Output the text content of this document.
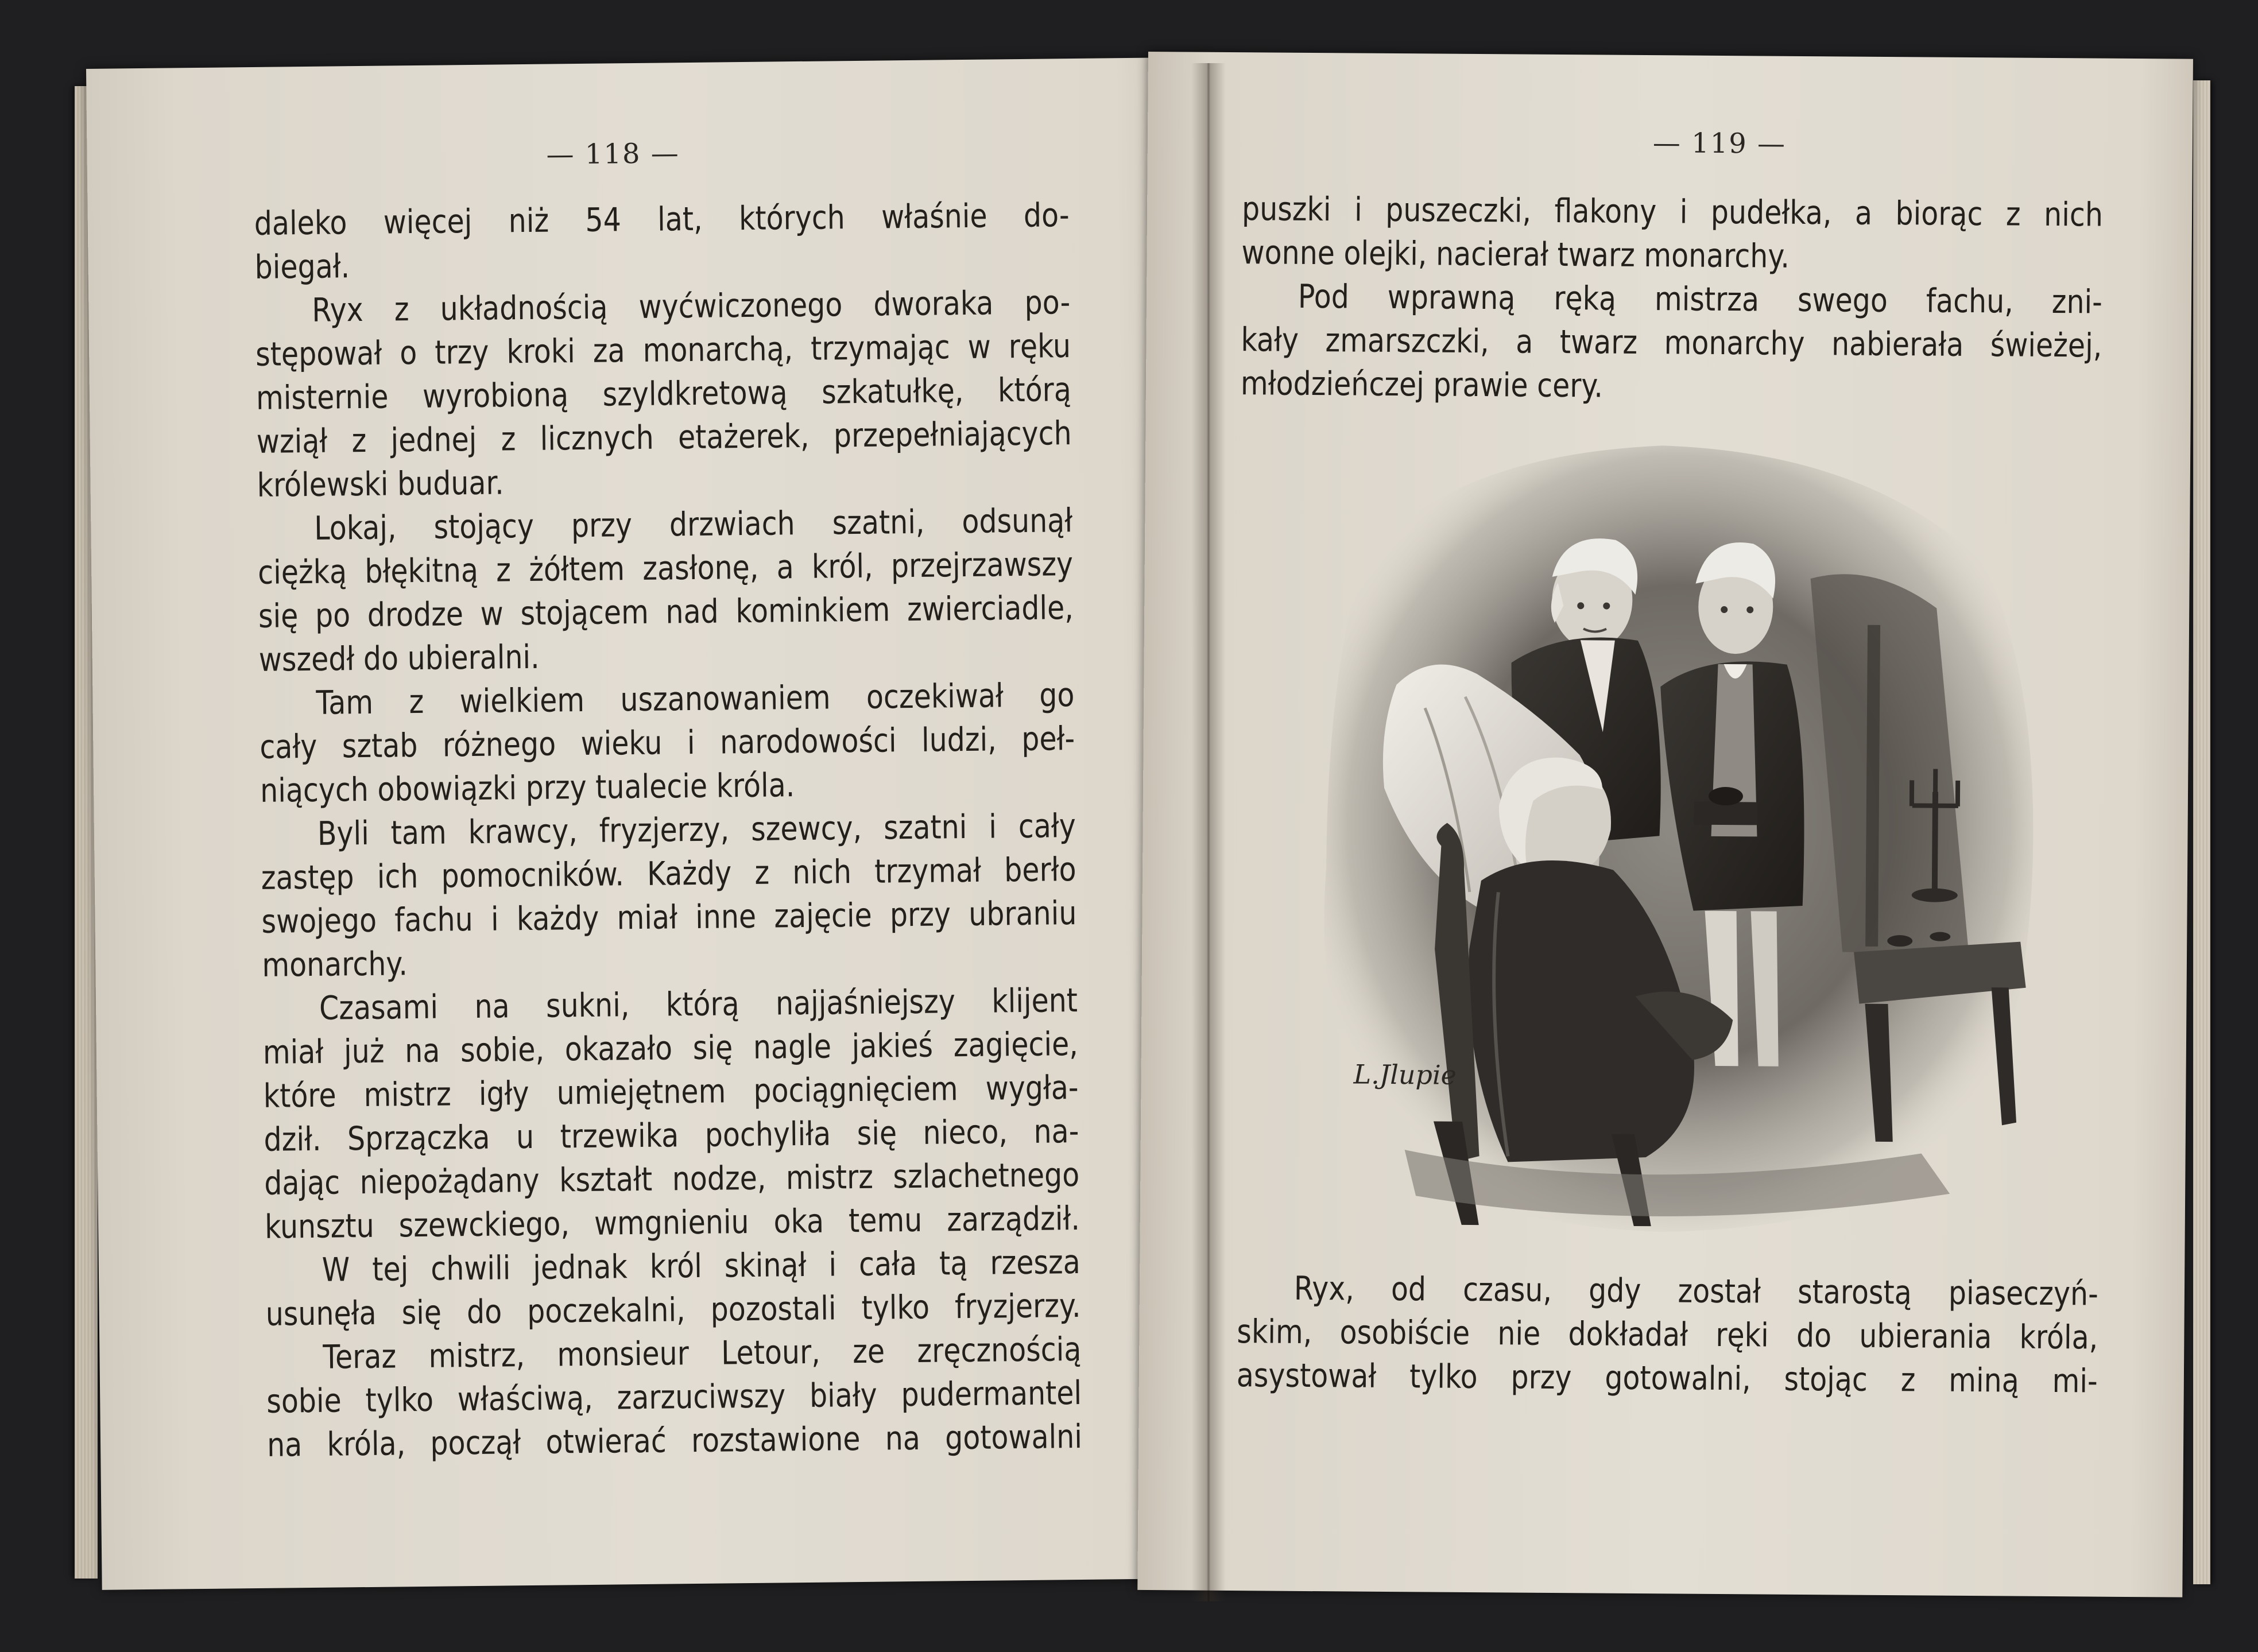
— 118 —
daleko więcej niż 54 lat, których właśnie do-
biegał.
Ryx z układnością wyćwiczonego dworaka po-
stępował o trzy kroki za monarchą, trzymając w ręku
misternie wyrobioną szyldkretową szkatułkę, którą
wziął z jednej z licznych etażerek, przepełniających
królewski buduar.
Lokaj, stojący przy drzwiach szatni, odsunął
ciężką błękitną z żółtem zasłonę, a król, przejrzawszy
się po drodze w stojącem nad kominkiem zwierciadle,
wszedł do ubieralni.
Tam z wielkiem uszanowaniem oczekiwał go
cały sztab różnego wieku i narodowości ludzi, peł-
niących obowiązki przy tualecie króla.
Byli tam krawcy, fryzjerzy, szewcy, szatni i cały
zastęp ich pomocników. Każdy z nich trzymał berło
swojego fachu i każdy miał inne zajęcie przy ubraniu
monarchy.
Czasami na sukni, którą najjaśniejszy klijent
miał już na sobie, okazało się nagle jakieś zagięcie,
które mistrz igły umiejętnem pociągnięciem wygła-
dził. Sprzączka u trzewika pochyliła się nieco, na-
dając niepożądany kształt nodze, mistrz szlachetnego
kunsztu szewckiego, wmgnieniu oka temu zarządził.
W tej chwili jednak król skinął i cała tą rzesza
usunęła się do poczekalni, pozostali tylko fryzjerzy.
Teraz mistrz, monsieur Letour, ze zręcznością
sobie tylko właściwą, zarzuciwszy biały pudermantel
na króla, począł otwierać rozstawione na gotowalni
— 119 —
puszki i puszeczki, flakony i pudełka, a biorąc z nich
wonne olejki, nacierał twarz monarchy.
Pod wprawną ręką mistrza swego fachu, zni-
kały zmarszczki, a twarz monarchy nabierała świeżej,
młodzieńczej prawie cery.
L.Jlupie
Ryx, od czasu, gdy został starostą piaseczyń-
skim, osobiście nie dokładał ręki do ubierania króla,
asystował tylko przy gotowalni, stojąc z miną mi-
